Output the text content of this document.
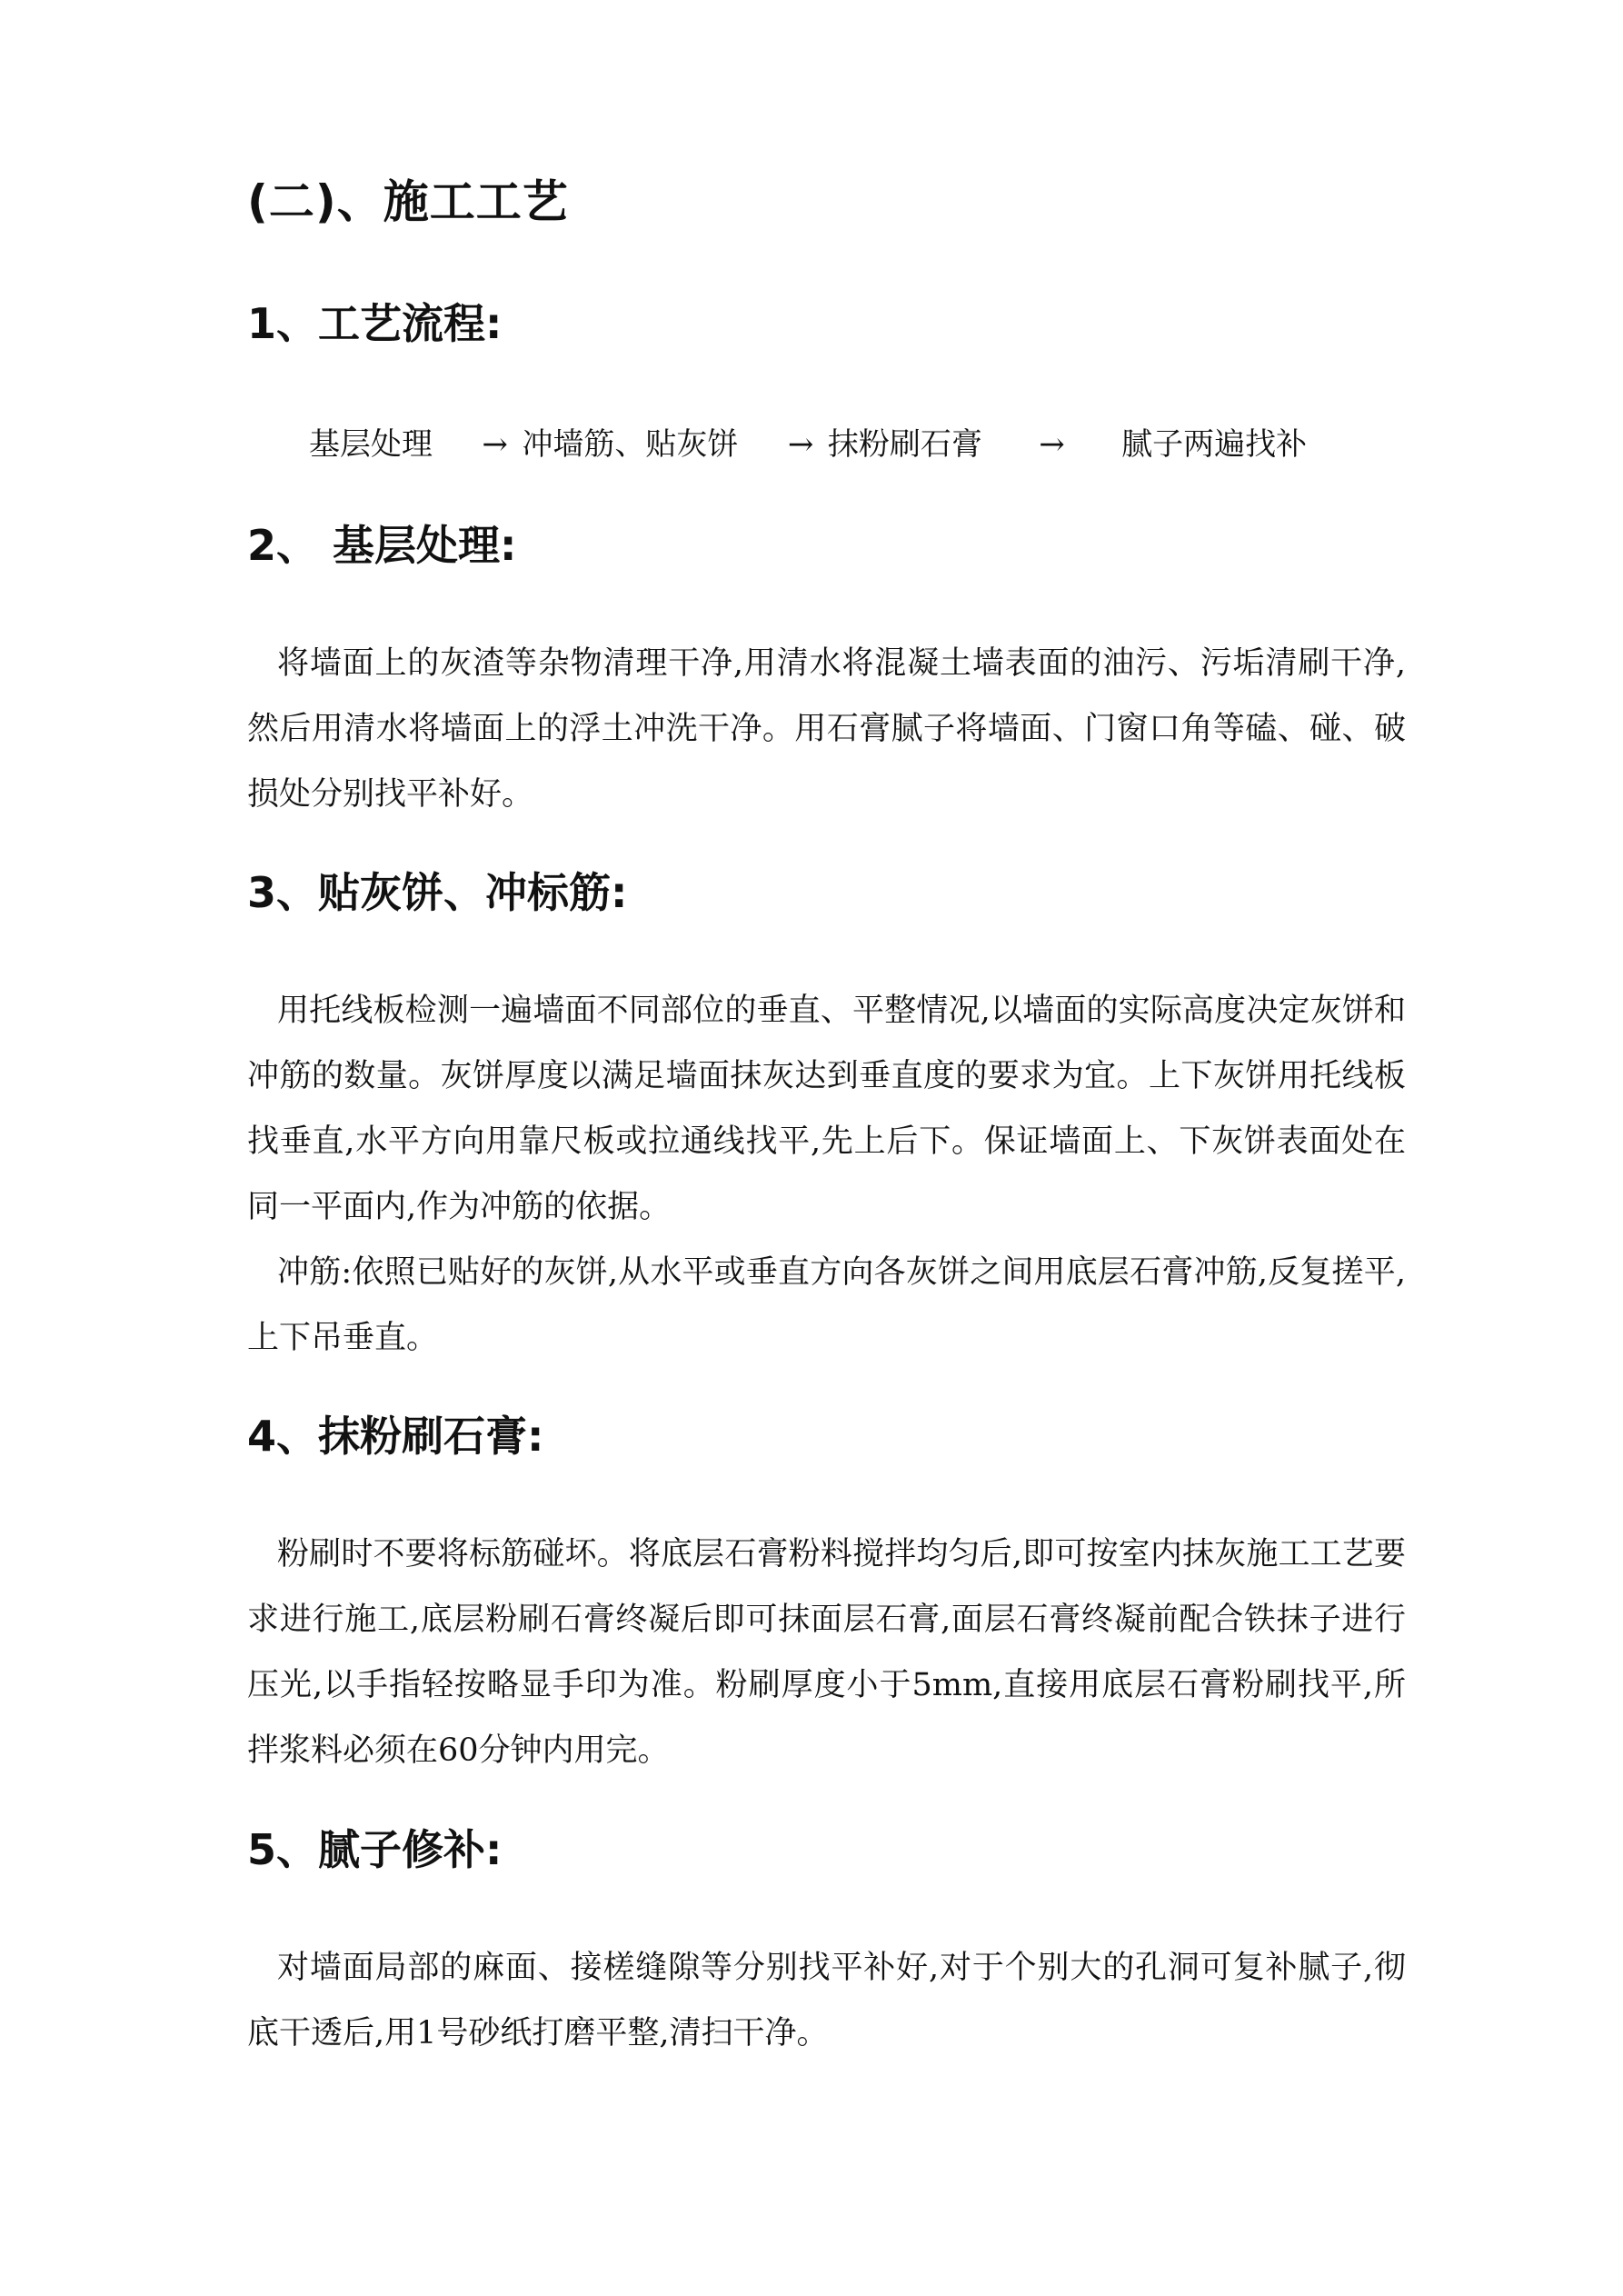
(二)、施工工艺
1、工艺流程:
基层处理 → 冲墙筋、贴灰饼 → 抹粉刷石膏 → 腻子两遍找补
2、 基层处理:

将墙面上的灰渣等杂物清理干净,用清水将混凝土墙表面的油污、污垢清刷干净,然后用清水将墙面上的浮土冲洗干净。用石膏腻子将墙面、门窗口角等磕、碰、破损处分别找平补好。

3、贴灰饼、冲标筋:

用托线板检测一遍墙面不同部位的垂直、平整情况,以墙面的实际高度决定灰饼和冲筋的数量。灰饼厚度以满足墙面抹灰达到垂直度的要求为宜。上下灰饼用托线板找垂直,水平方向用靠尺板或拉通线找平,先上后下。保证墙面上、下灰饼表面处在同一平面内,作为冲筋的依据。

冲筋:依照已贴好的灰饼,从水平或垂直方向各灰饼之间用底层石膏冲筋,反复搓平,上下吊垂直。

4、抹粉刷石膏:

粉刷时不要将标筋碰坏。将底层石膏粉料搅拌均匀后,即可按室内抹灰施工工艺要求进行施工,底层粉刷石膏终凝后即可抹面层石膏,面层石膏终凝前配合铁抹子进行压光,以手指轻按略显手印为准。粉刷厚度小于5mm,直接用底层石膏粉刷找平,所拌浆料必须在60分钟内用完。

5、腻子修补:

对墙面局部的麻面、接槎缝隙等分别找平补好,对于个别大的孔洞可复补腻子,彻底干透后,用1号砂纸打磨平整,清扫干净。
